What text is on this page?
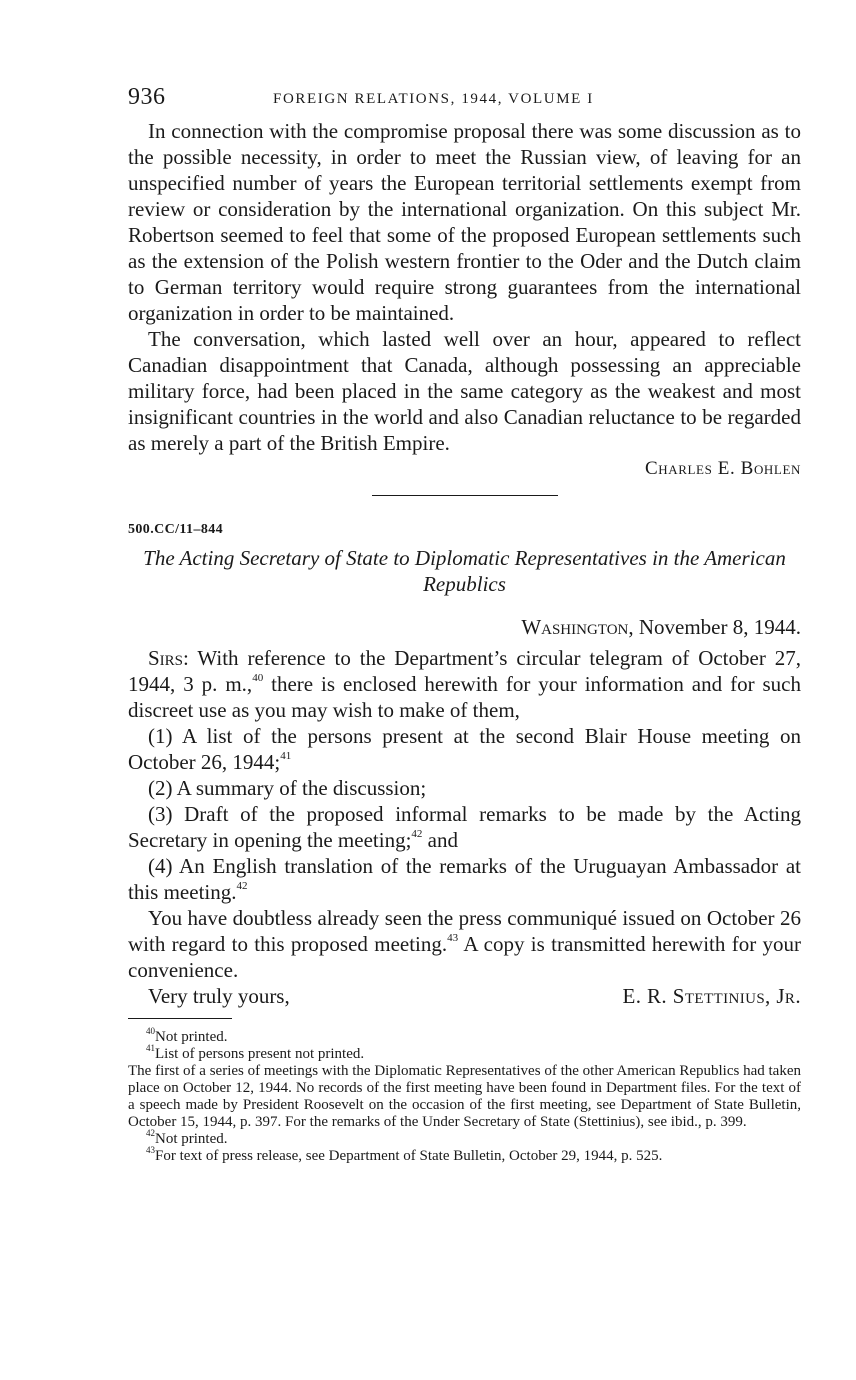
936	FOREIGN RELATIONS, 1944, VOLUME I

In connection with the compromise proposal there was some discussion as to the possible necessity, in order to meet the Russian view, of leaving for an unspecified number of years the European territorial settlements exempt from review or consideration by the international organization. On this subject Mr. Robertson seemed to feel that some of the proposed European settlements such as the extension of the Polish western frontier to the Oder and the Dutch claim to German territory would require strong guarantees from the international organization in order to be maintained.

The conversation, which lasted well over an hour, appeared to reflect Canadian disappointment that Canada, although possessing an appreciable military force, had been placed in the same category as the weakest and most insignificant countries in the world and also Canadian reluctance to be regarded as merely a part of the British Empire.

Charles E. Bohlen
500.CC/11–844
The Acting Secretary of State to Diplomatic Representatives in the American Republics
Washington, November 8, 1944.

Sirs: With reference to the Department’s circular telegram of October 27, 1944, 3 p. m.,$^{40}$ there is enclosed herewith for your information and for such discreet use as you may wish to make of them,

(1) A list of the persons present at the second Blair House meeting on October 26, 1944;$^{41}$

(2) A summary of the discussion;

(3) Draft of the proposed informal remarks to be made by the Acting Secretary in opening the meeting;$^{42}$ and

(4) An English translation of the remarks of the Uruguayan Ambassador at this meeting.$^{42}$

You have doubtless already seen the press communiqué issued on October 26 with regard to this proposed meeting.$^{43}$ A copy is transmitted herewith for your convenience.

Very truly yours,	E. R. Stettinius, Jr.

$^{40}$Not printed.

$^{41}$List of persons present not printed.

The first of a series of meetings with the Diplomatic Representatives of the other American Republics had taken place on October 12, 1944. No records of the first meeting have been found in Department files. For the text of a speech made by President Roosevelt on the occasion of the first meeting, see Department of State Bulletin, October 15, 1944, p. 397. For the remarks of the Under Secretary of State (Stettinius), see ibid., p. 399.

$^{42}$Not printed.

$^{43}$For text of press release, see Department of State Bulletin, October 29, 1944, p. 525.
